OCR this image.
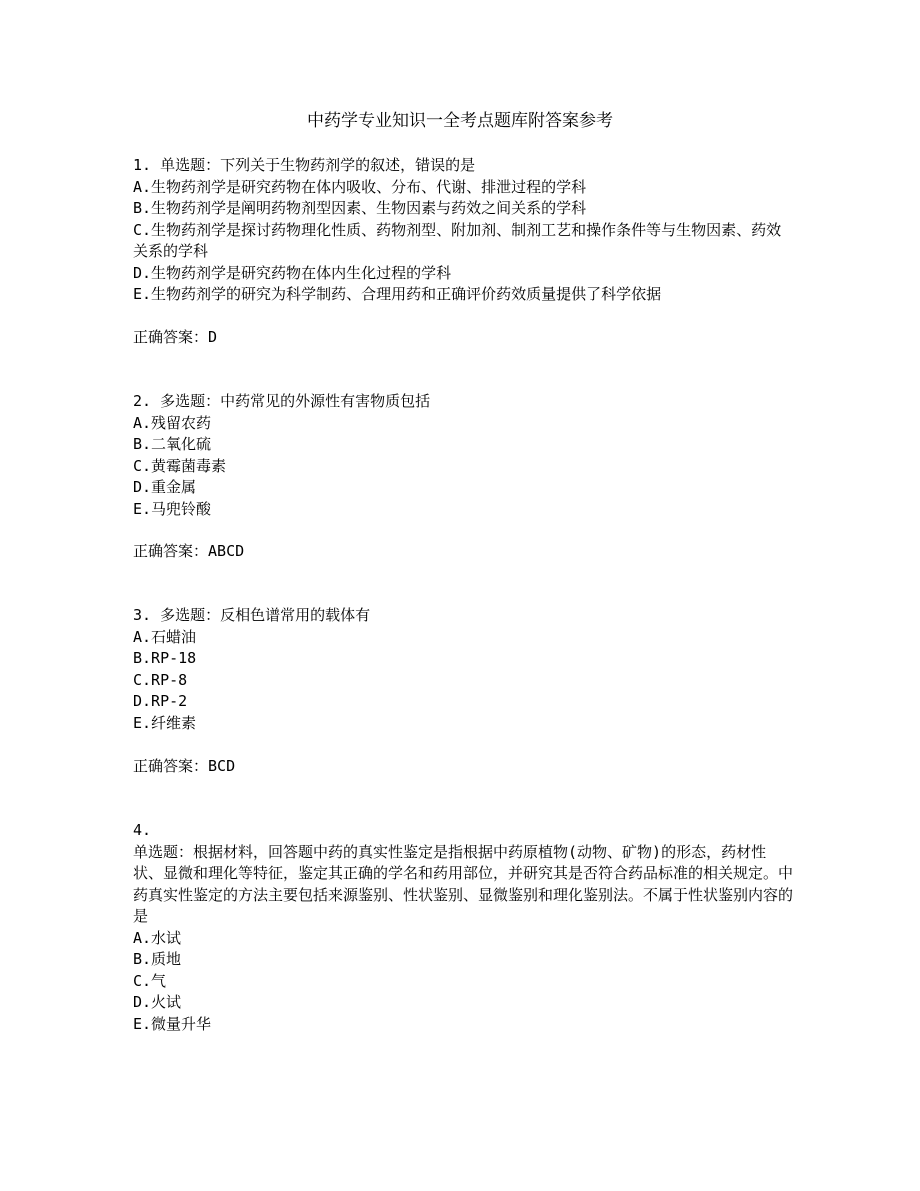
中药学专业知识一全考点题库附答案参考
1. 单选题：下列关于生物药剂学的叙述，错误的是
A.生物药剂学是研究药物在体内吸收、分布、代谢、排泄过程的学科
B.生物药剂学是阐明药物剂型因素、生物因素与药效之间关系的学科
C.生物药剂学是探讨药物理化性质、药物剂型、附加剂、制剂工艺和操作条件等与生物因素、药效关系的学科
D.生物药剂学是研究药物在体内生化过程的学科
E.生物药剂学的研究为科学制药、合理用药和正确评价药效质量提供了科学依据
正确答案：D
2. 多选题：中药常见的外源性有害物质包括
A.残留农药
B.二氧化硫
C.黄霉菌毒素
D.重金属
E.马兜铃酸
正确答案：ABCD
3. 多选题：反相色谱常用的载体有
A.石蜡油
B.RP-18
C.RP-8
D.RP-2
E.纤维素
正确答案：BCD
4.
单选题：根据材料，回答题中药的真实性鉴定是指根据中药原植物(动物、矿物)的形态，药材性状、显微和理化等特征，鉴定其正确的学名和药用部位，并研究其是否符合药品标准的相关规定。中药真实性鉴定的方法主要包括来源鉴别、性状鉴别、显微鉴别和理化鉴别法。不属于性状鉴别内容的是
A.水试
B.质地
C.气
D.火试
E.微量升华
